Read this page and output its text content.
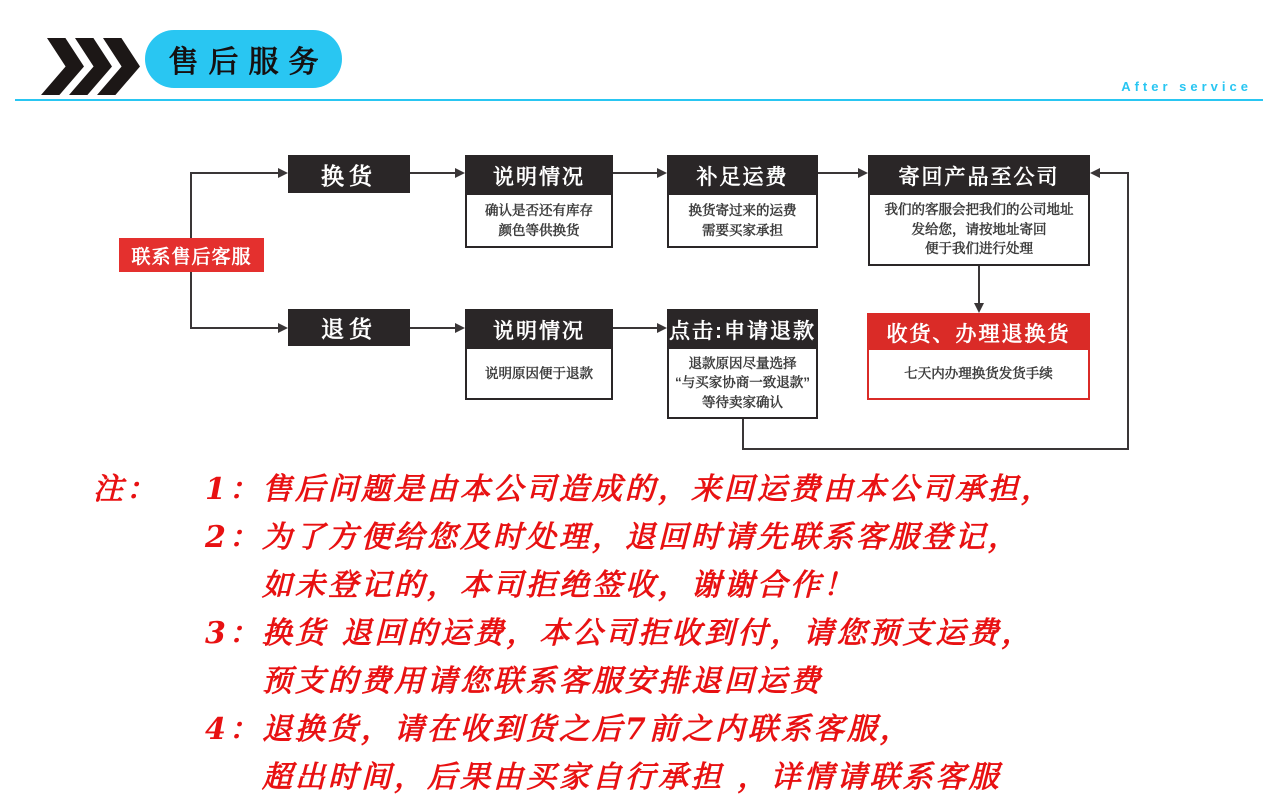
售后服务
After service
联系售后客服
换货
退货
说明情况
确认是否还有库存
颜色等供换货
补足运费
换货寄过来的运费
需要买家承担
寄回产品至公司
我们的客服会把我们的公司地址
发给您，请按地址寄回
便于我们进行处理
说明情况
说明原因便于退款
点击:申请退款
退款原因尽量选择
“与买家协商一致退款”
等待卖家确认
收货、办理退换货
七天内办理换货发货手续
注： 1：售后问题是由本公司造成的，来回运费由本公司承担，
2：为了方便给您及时处理，退回时请先联系客服登记，
如未登记的，本司拒绝签收，谢谢合作！
3：换货 退回的运费，本公司拒收到付，请您预支运费，
预支的费用请您联系客服安排退回运费
4：退换货，请在收到货之后7前之内联系客服，
超出时间，后果由买家自行承担 ，详情请联系客服
